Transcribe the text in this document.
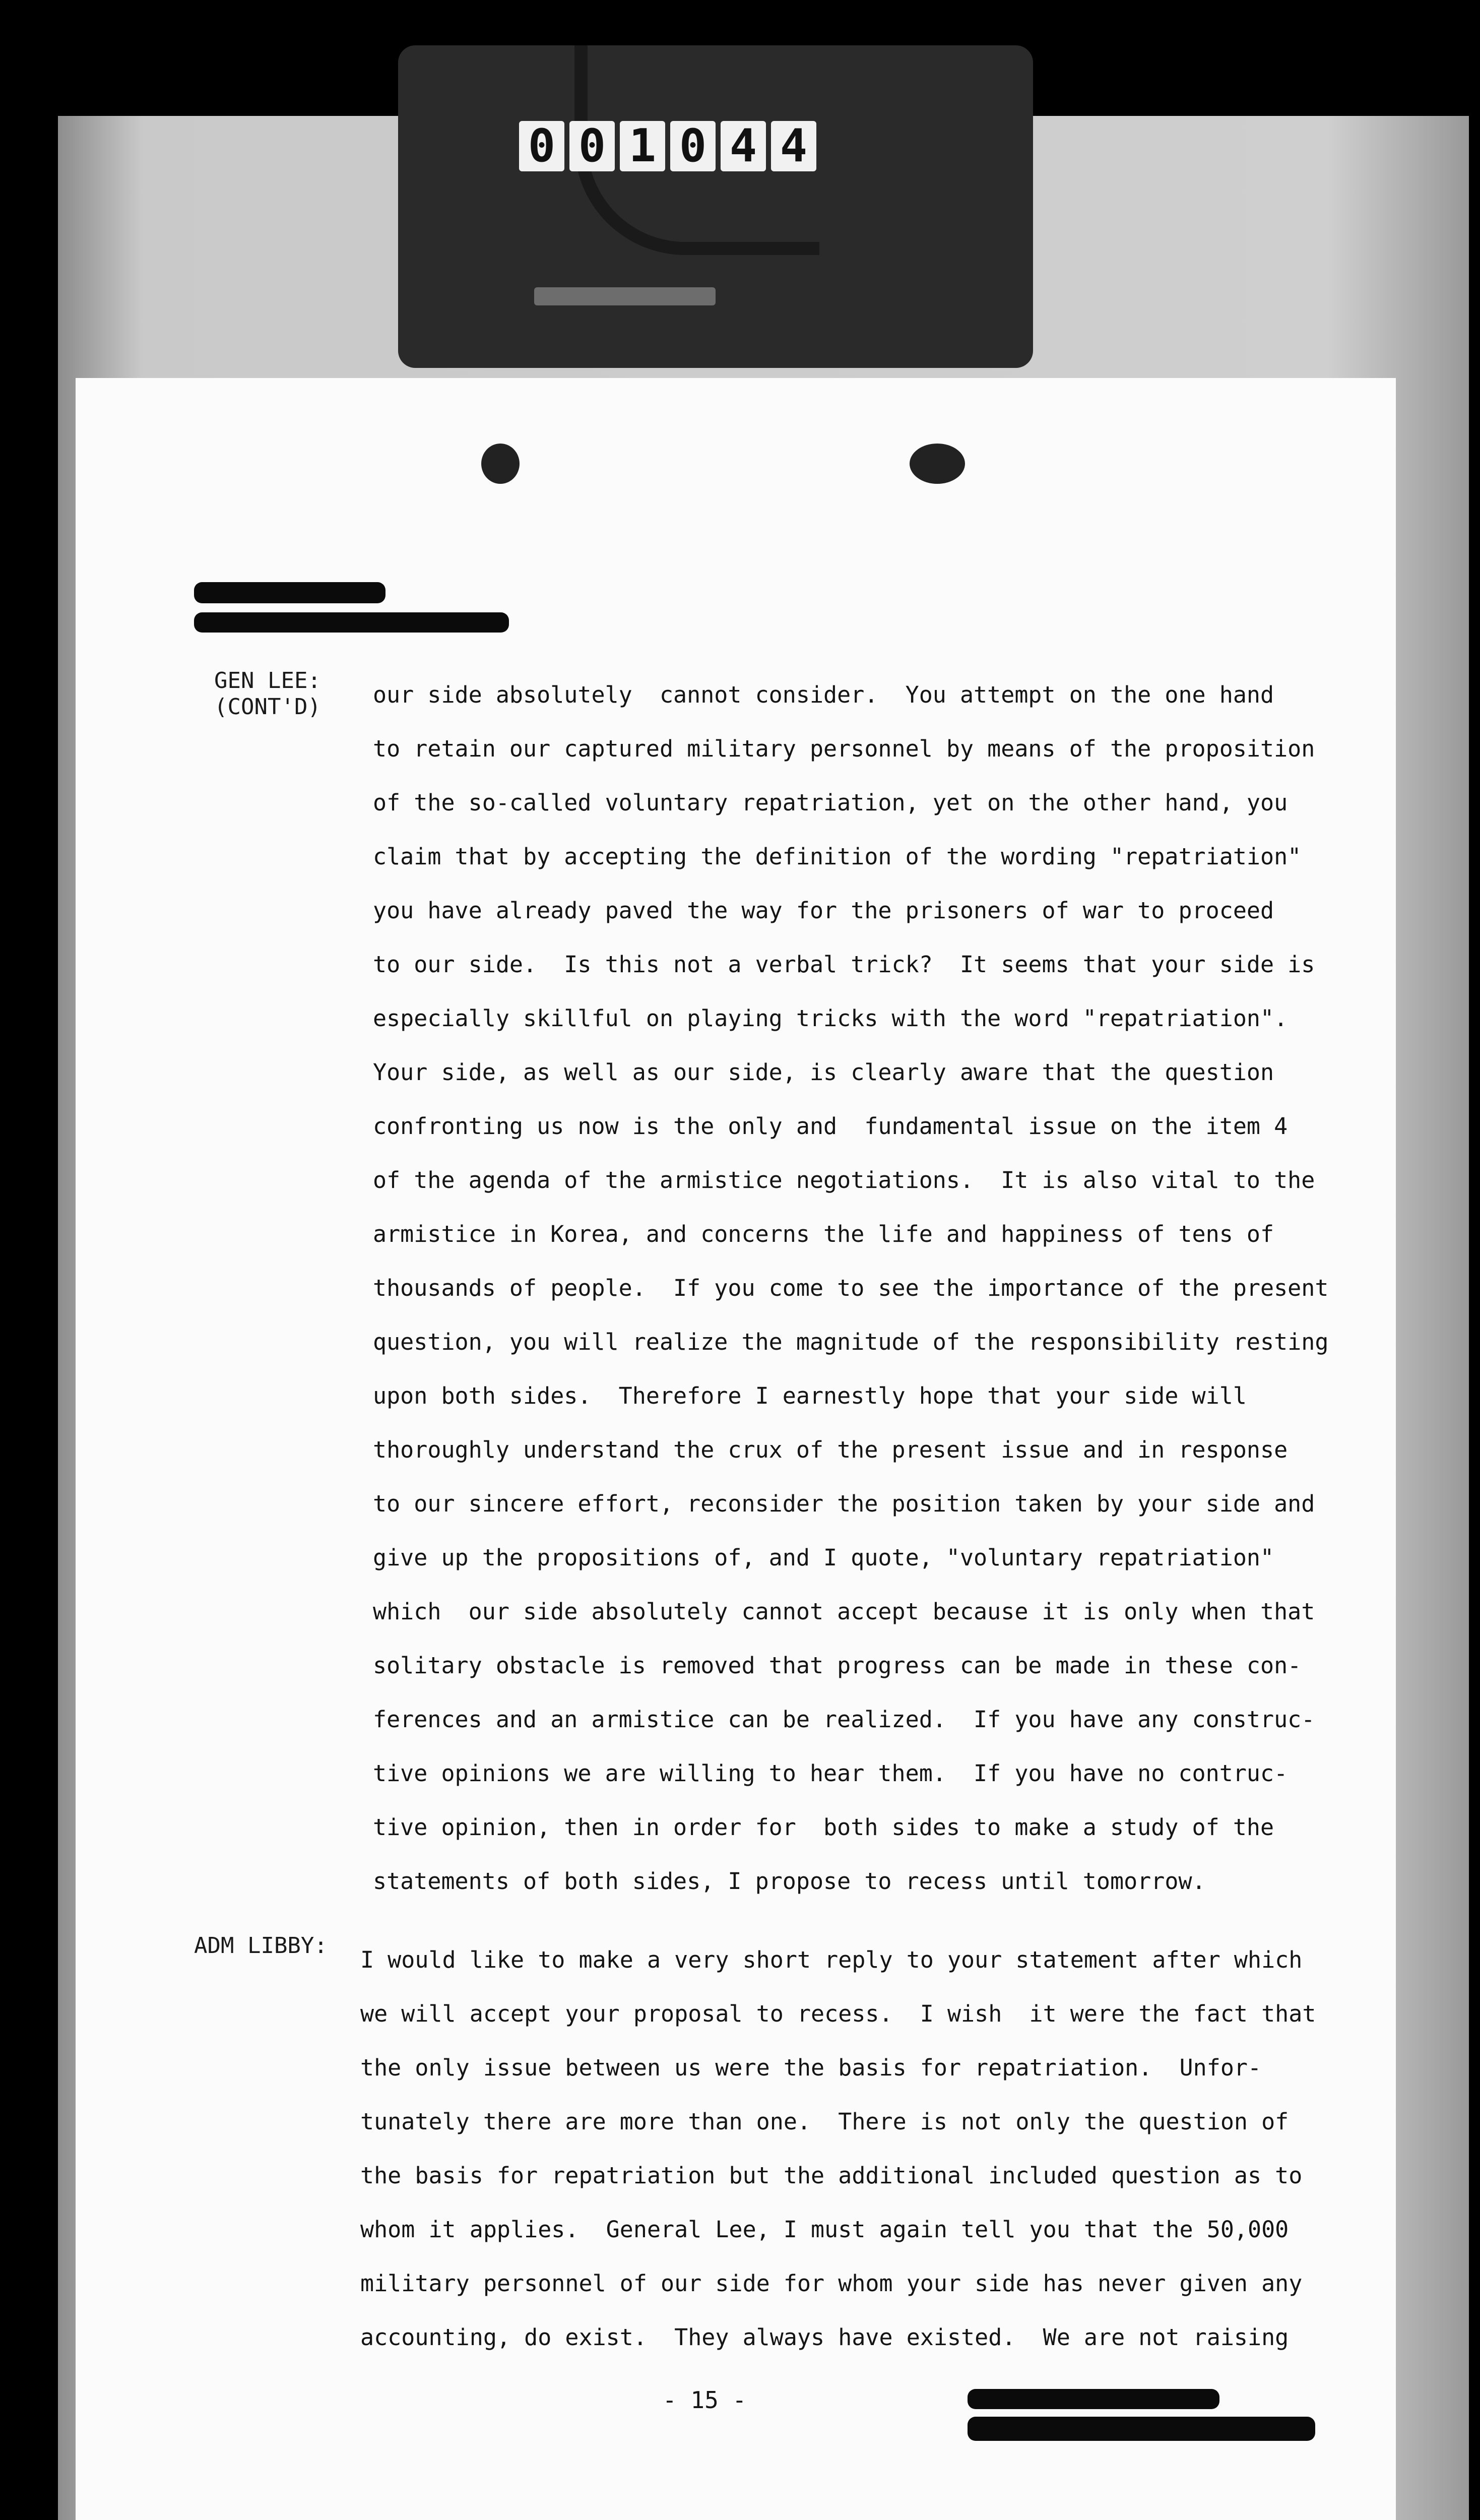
0 0 1 0 4 4
GEN LEE:
(CONT'D) our side absolutely  cannot consider.  You attempt on the one hand
to retain our captured military personnel by means of the proposition
of the so-called voluntary repatriation, yet on the other hand, you
claim that by accepting the definition of the wording "repatriation"
you have already paved the way for the prisoners of war to proceed
to our side.  Is this not a verbal trick?  It seems that your side is
especially skillful on playing tricks with the word "repatriation".
Your side, as well as our side, is clearly aware that the question
confronting us now is the only and  fundamental issue on the item 4
of the agenda of the armistice negotiations.  It is also vital to the
armistice in Korea, and concerns the life and happiness of tens of
thousands of people.  If you come to see the importance of the present
question, you will realize the magnitude of the responsibility resting
upon both sides.  Therefore I earnestly hope that your side will
thoroughly understand the crux of the present issue and in response
to our sincere effort, reconsider the position taken by your side and
give up the propositions of, and I quote, "voluntary repatriation"
which  our side absolutely cannot accept because it is only when that
solitary obstacle is removed that progress can be made in these con-
ferences and an armistice can be realized.  If you have any construc-
tive opinions we are willing to hear them.  If you have no contruc-
tive opinion, then in order for  both sides to make a study of the
statements of both sides, I propose to recess until tomorrow.
ADM LIBBY:
I would like to make a very short reply to your statement after which
we will accept your proposal to recess.  I wish  it were the fact that
the only issue between us were the basis for repatriation.  Unfor-
tunately there are more than one.  There is not only the question of
the basis for repatriation but the additional included question as to
whom it applies.  General Lee, I must again tell you that the 50,000
military personnel of our side for whom your side has never given any
accounting, do exist.  They always have existed.  We are not raising
- 15 -
